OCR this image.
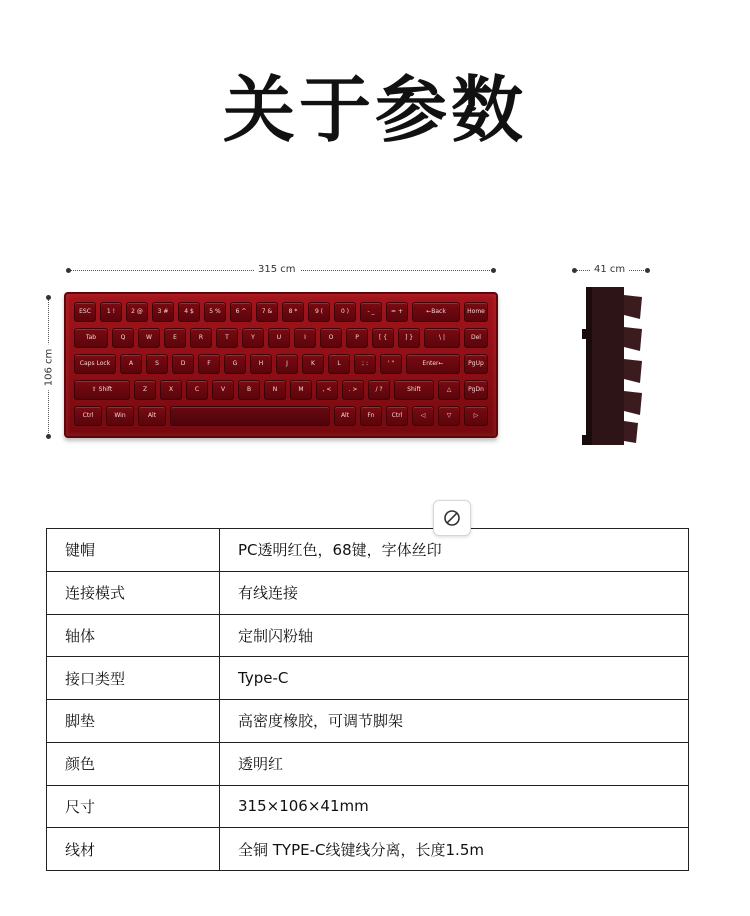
关于参数
315 cm
106 cm
41 cm
ESC	1 !	2 @	3 #	4 $	5 %	6 ^	7 &	8 *	9 (	0 )	- _	= +	←Back	Home
Tab	Q	W	E	R	T	Y	U	I	O	P	[ {	] }	\ |	Del
Caps Lock	A	S	D	F	G	H	J	K	L	; :	' "	Enter←	PgUp
⇧ Shift	Z	X	C	V	B	N	M	, <	. >	/ ?	Shift	△	PgDn
Ctrl	Win	Alt	Alt	Fn	Ctrl	◁	▽	▷
键帽	PC透明红色，68键，字体丝印
连接模式	有线连接
轴体	定制闪粉轴
接口类型	Type-C
脚垫	高密度橡胶，可调节脚架
颜色	透明红
尺寸	315×106×41mm
线材	全铜 TYPE-C线键线分离，长度1.5m
